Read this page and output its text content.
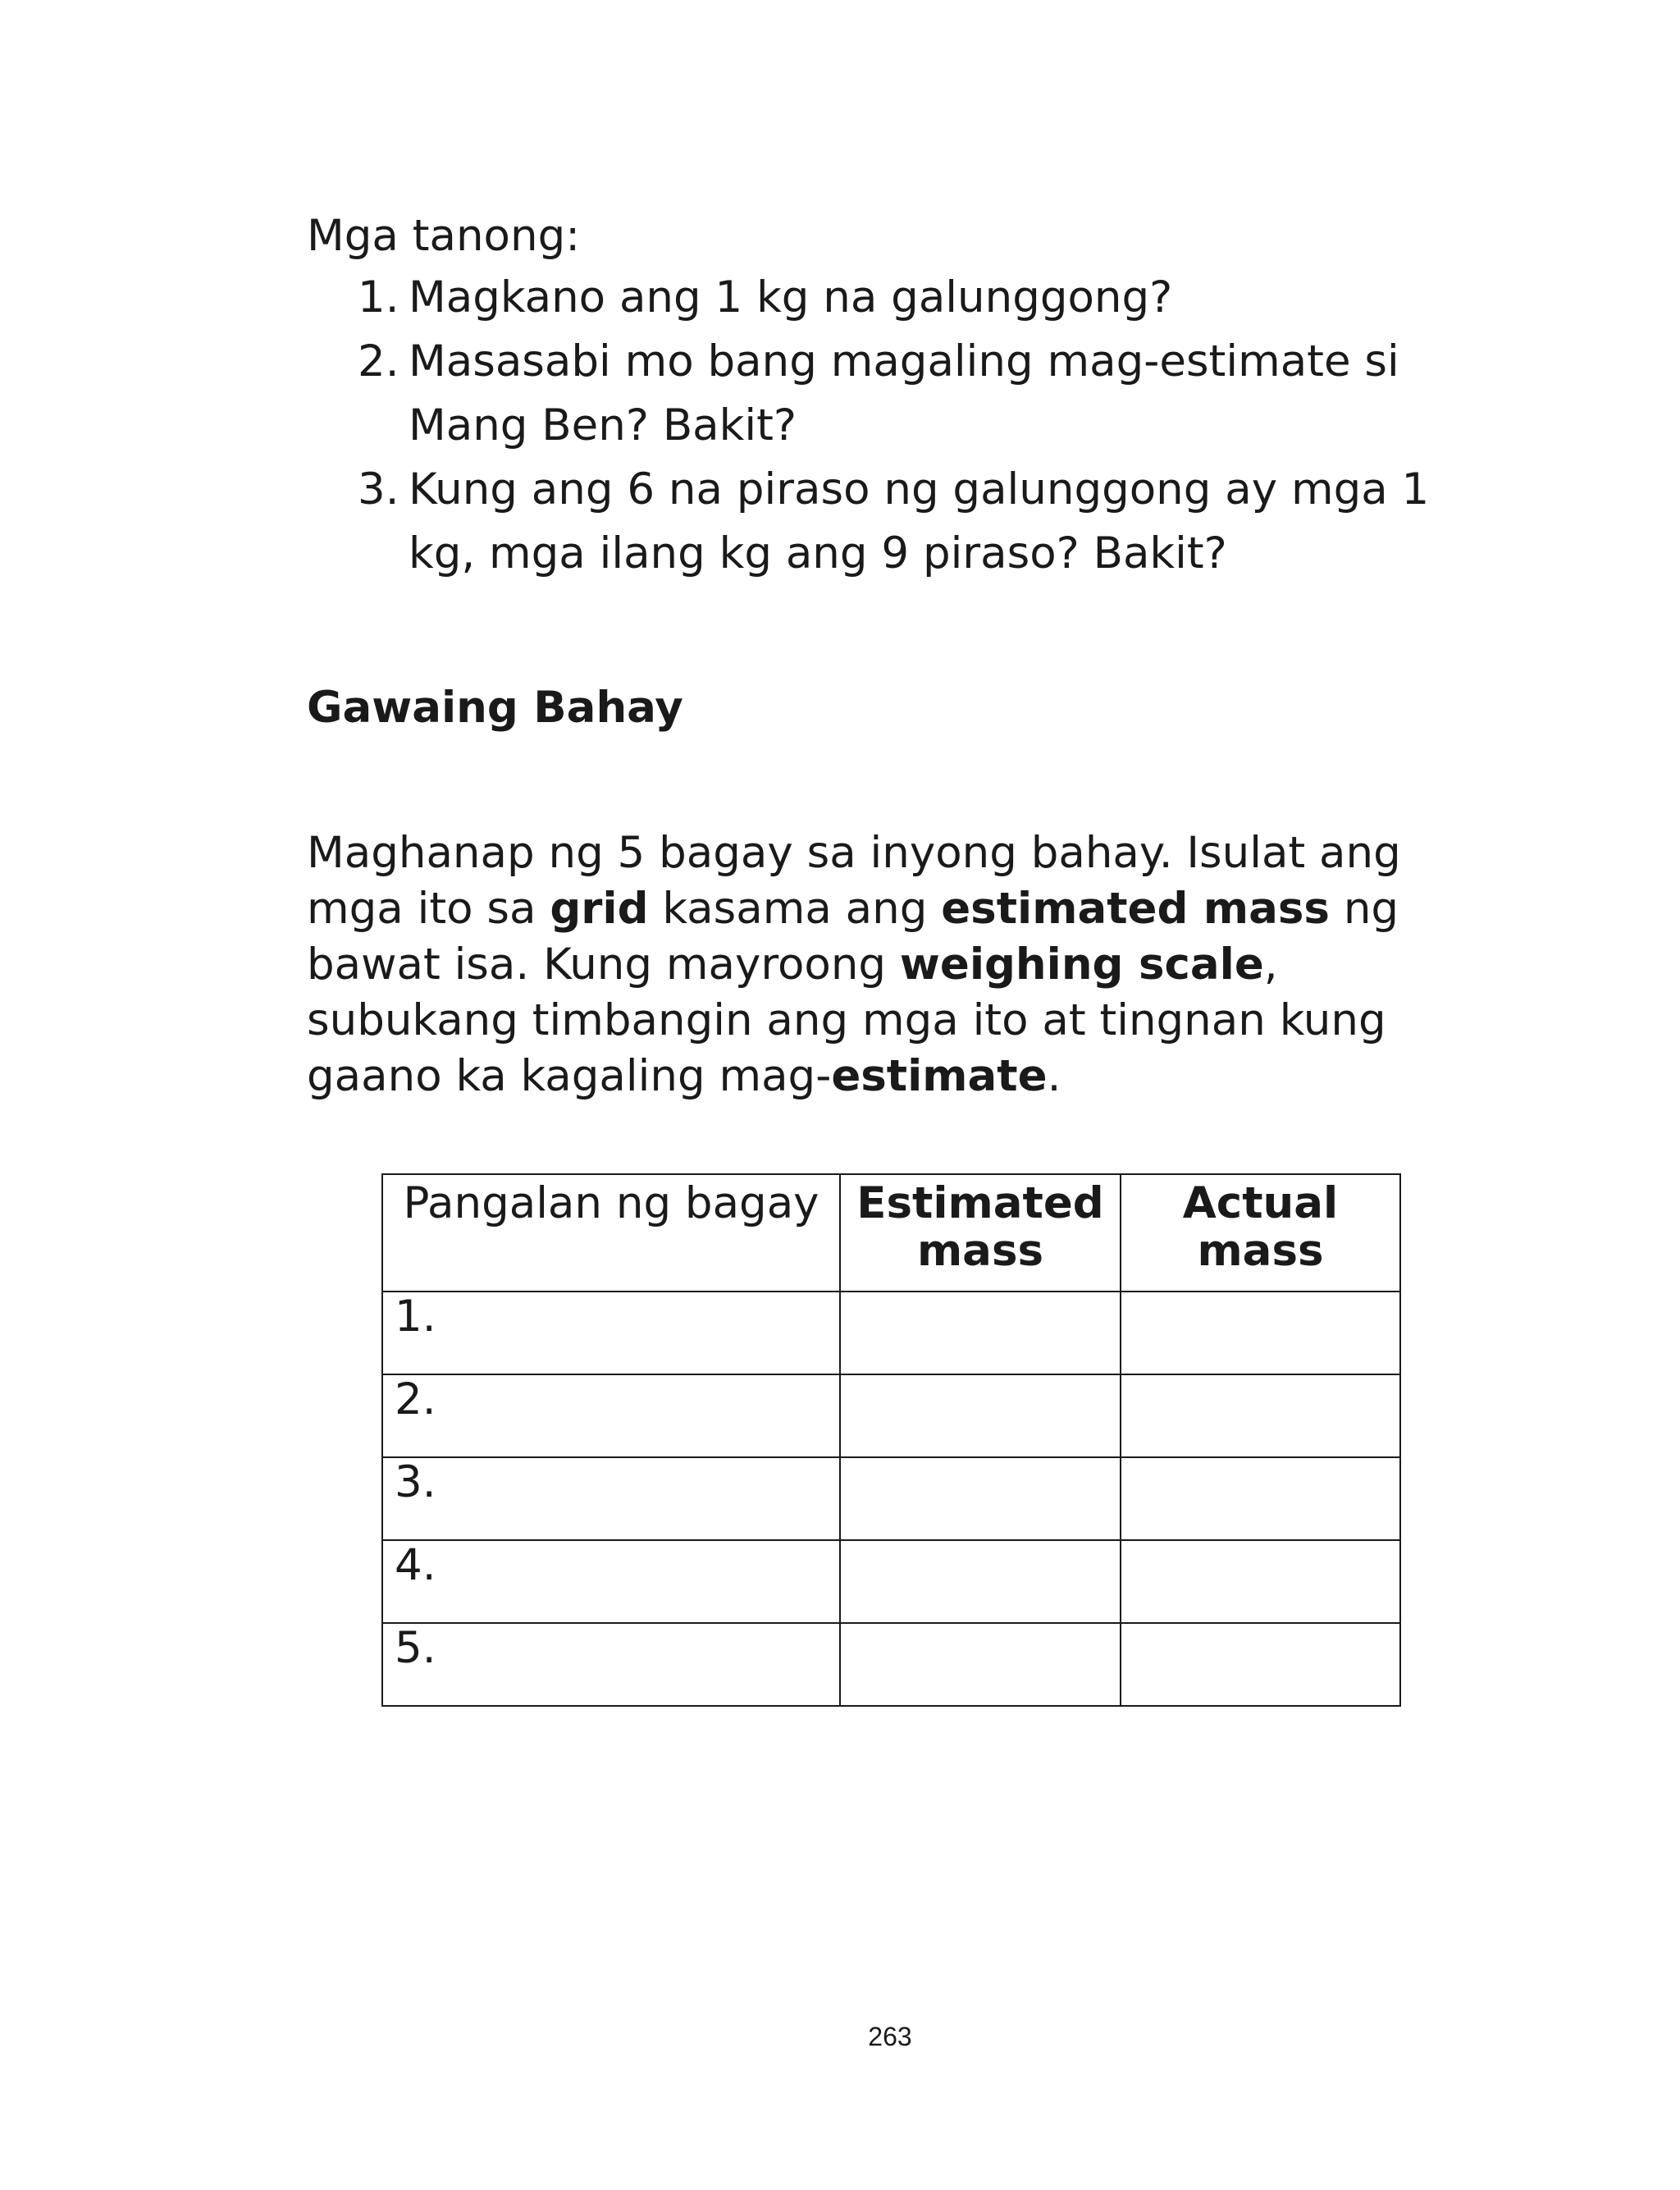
Mga tanong:

1. Magkano ang 1 kg na galunggong?
2. Masasabi mo bang magaling mag-estimate si Mang Ben? Bakit?
3. Kung ang 6 na piraso ng galunggong ay mga 1 kg, mga ilang kg ang 9 piraso? Bakit?
Gawaing Bahay

Maghanap ng 5 bagay sa inyong bahay. Isulat ang mga ito sa grid kasama ang estimated mass ng bawat isa. Kung mayroong weighing scale, subukang timbangin ang mga ito at tingnan kung gaano ka kagaling mag-estimate.

Pangalan ng bagay	Estimated mass	Actual mass
1.		
2.		
3.		
4.		
5.		
263
